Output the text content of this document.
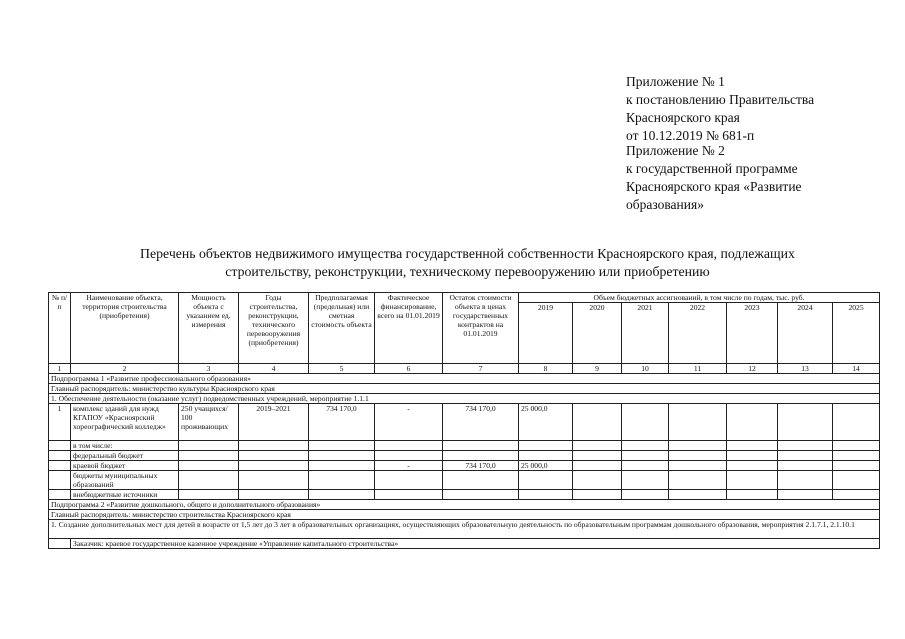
Приложение № 1
к постановлению Правительства
Красноярского края
от 10.12.2019 № 681-п
Приложение № 2
к государственной программе
Красноярского края «Развитие
образования»
Перечень объектов недвижимого имущества государственной собственности Красноярского края, подлежащих
строительству, реконструкции, техническому перевооружению или приобретению
№ п/п	Наименование объекта, территория строительства (приобретения)	Мощность объекта с указанием ед. измерения	Годы строительства, реконструкции, технического перевооружения (приобретения)	Предполагаемая (предельная) или сметная стоимость объекта	Фактическое финансирование, всего на 01.01.2019	Остаток стоимости объекта в ценах государственных контрактов на 01.01.2019	Объем бюджетных ассигнований, в том числе по годам, тыс. руб.						
							2019	2020	2021	2022	2023	2024	2025
1	2	3	4	5	6	7	8	9	10	11	12	13	14
Подпрограмма 1 «Развитие профессионального образования»													
Главный распорядитель: министерство культуры Красноярского края													
1. Обеспечение деятельности (оказание услуг) подведомственных учреждений, мероприятие 1.1.1													
1	комплекс зданий для нужд КГАПОУ «Красноярский хореографический колледж»	250 учащихся/ 100 проживающих	2019–2021	734 170,0	-	734 170,0	25 000,0						
	в том числе:												
	федеральный бюджет												
	краевой бюджет				-	734 170,0	25 000,0						
	бюджеты муниципальных образований												
	внебюджетные источники												
Подпрограмма 2 «Развитие дошкольного, общего и дополнительного образования»													
Главный распорядитель: министерство строительства Красноярского края													
1. Создание дополнительных мест для детей в возрасте от 1,5 лет до 3 лет в образовательных организациях, осуществляющих образовательную деятельность по образовательным программам дошкольного образования, мероприятия 2.1.7.1, 2.1.10.1													
	Заказчик: краевое государственное казенное учреждение «Управление капитального строительства»												
